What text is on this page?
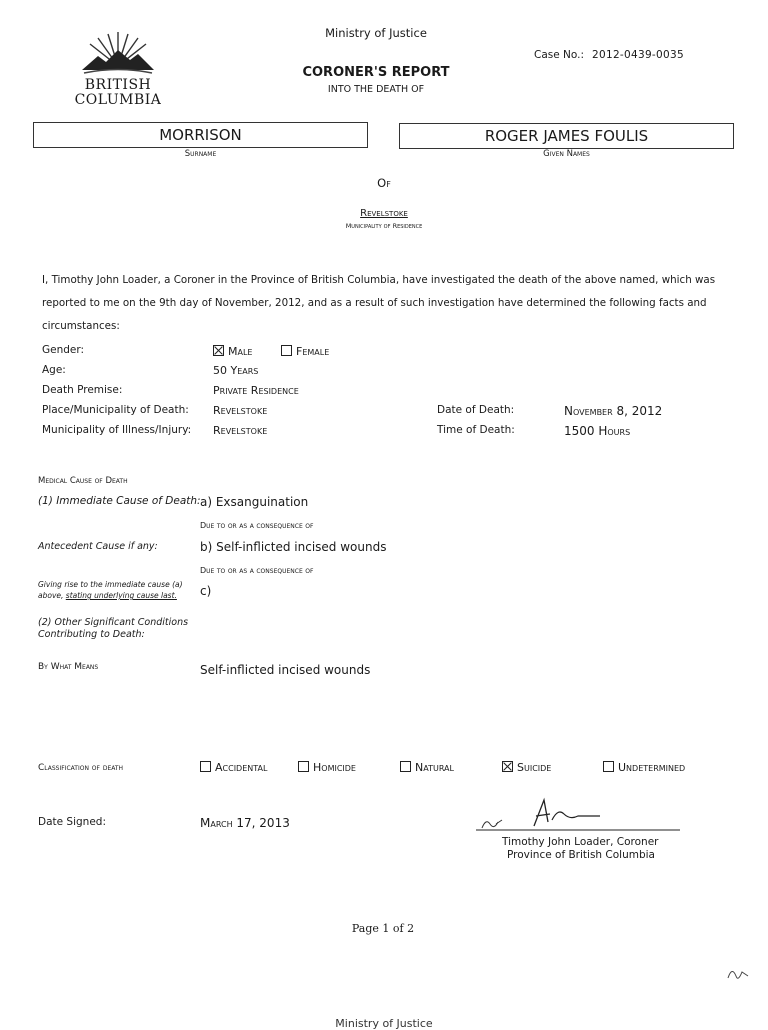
BRITISH
COLUMBIA
Ministry of Justice
Case No.: 2012-0439-0035
CORONER'S REPORT
INTO THE DEATH OF
MORRISON
Surname
ROGER JAMES FOULIS
Given Names
Of
Revelstoke
Municipality of Residence
I, Timothy John Loader, a Coroner in the Province of British Columbia, have investigated the death of the above named, which was
reported to me on the 9th day of November, 2012, and as a result of such investigation have determined the following facts and
circumstances:
Gender:	Male	Female
Age:	50 Years
Death Premise:	Private Residence
Place/Municipality of Death: Revelstoke	Date of Death:	November 8, 2012
Municipality of Illness/Injury: Revelstoke	Time of Death:	1500 Hours
Medical Cause of Death
(1) Immediate Cause of Death: a) Exsanguination
Due to or as a consequence of
Antecedent Cause if any:	b) Self-inflicted incised wounds
Due to or as a consequence of
Giving rise to the immediate cause (a)
above, stating underlying cause last. c)
(2) Other Significant Conditions
Contributing to Death:
By What Means	Self-inflicted incised wounds
Classification of death	Accidental	Homicide	Natural	Suicide	Undetermined
Date Signed:	March 17, 2013
Timothy John Loader, Coroner
Province of British Columbia
Page 1 of 2
Ministry of Justice
